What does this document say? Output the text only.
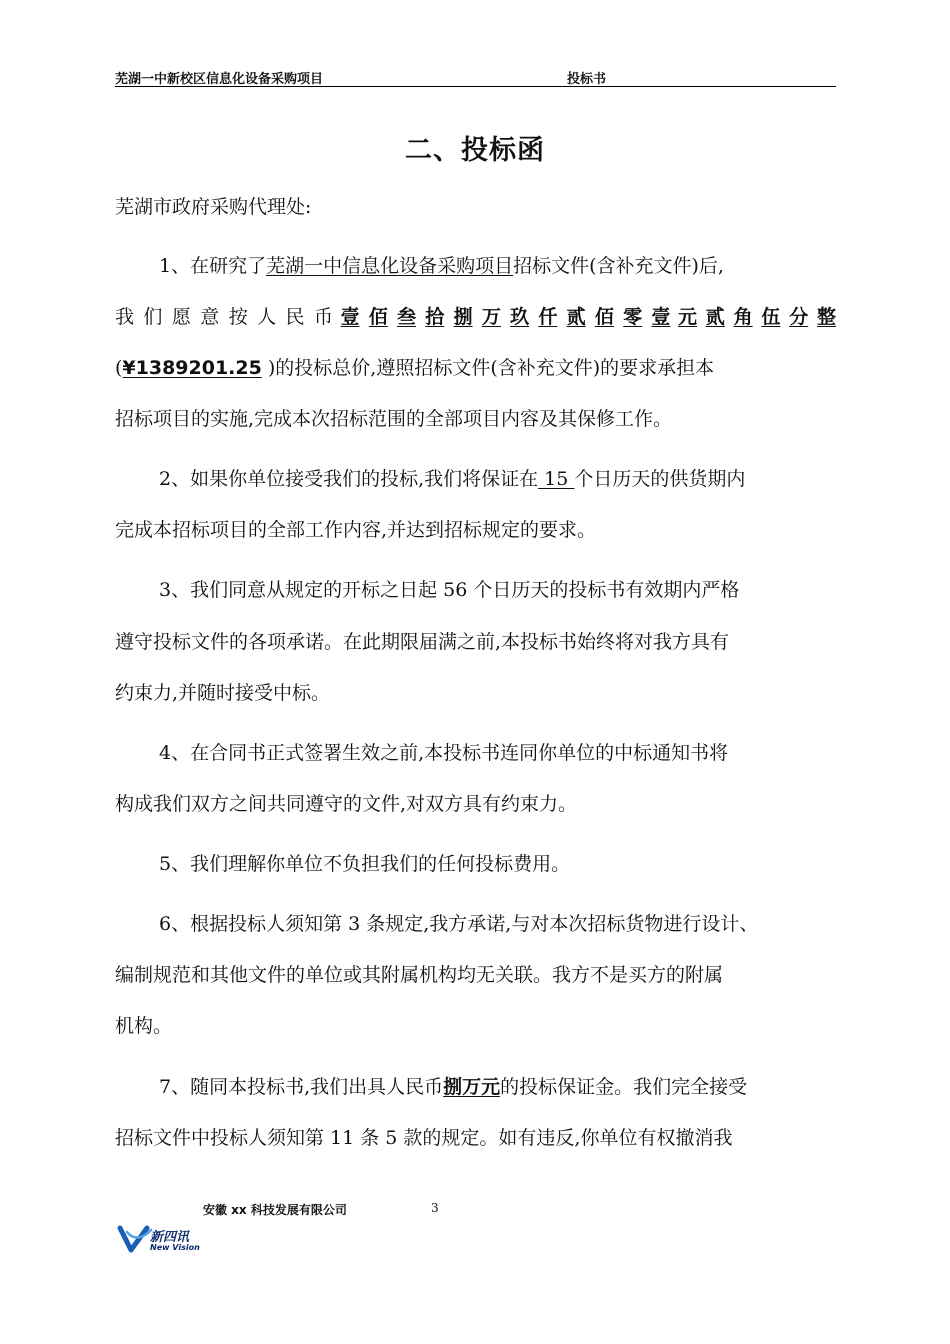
芜湖一中新校区信息化设备采购项目	投标书
二、投标函
芜湖市政府采购代理处:
1、在研究了芜湖一中信息化设备采购项目招标文件(含补充文件)后,
我 们 愿 意 按 人 民 币 壹 佰 叁 拾 捌 万 玖 仟 贰 佰 零 壹 元 贰 角 伍 分 整
(¥1389201.25 )的投标总价,遵照招标文件(含补充文件)的要求承担本
招标项目的实施,完成本次招标范围的全部项目内容及其保修工作。
2、如果你单位接受我们的投标,我们将保证在 15 个日历天的供货期内
完成本招标项目的全部工作内容,并达到招标规定的要求。
3、我们同意从规定的开标之日起 56 个日历天的投标书有效期内严格
遵守投标文件的各项承诺。在此期限届满之前,本投标书始终将对我方具有
约束力,并随时接受中标。
4、在合同书正式签署生效之前,本投标书连同你单位的中标通知书将
构成我们双方之间共同遵守的文件,对双方具有约束力。
5、我们理解你单位不负担我们的任何投标费用。
6、根据投标人须知第 3 条规定,我方承诺,与对本次招标货物进行设计、
编制规范和其他文件的单位或其附属机构均无关联。我方不是买方的附属
机构。
7、随同本投标书,我们出具人民币捌万元的投标保证金。我们完全接受
招标文件中投标人须知第 11 条 5 款的规定。如有违反,你单位有权撤消我
安徽 xx 科技发展有限公司	3
新四讯
New Vision
